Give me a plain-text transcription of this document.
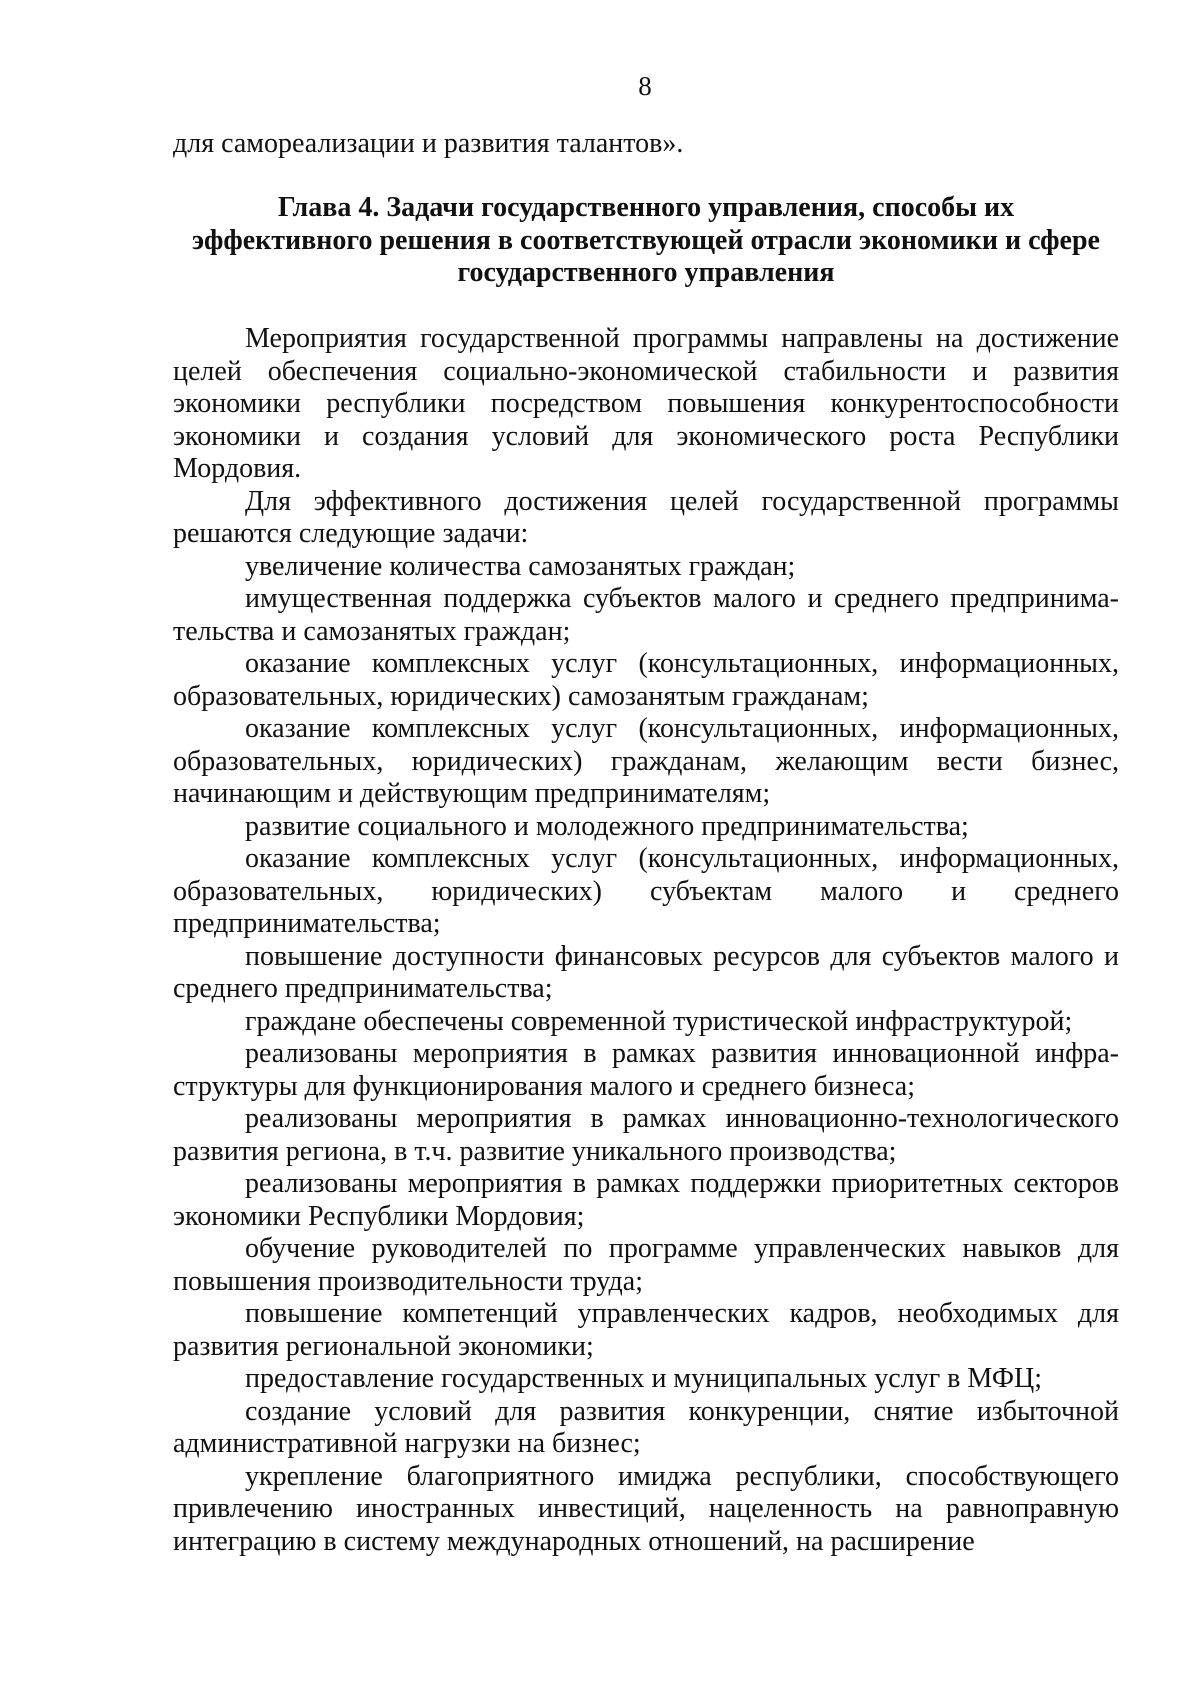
8

для самореализации и развития талантов».

Глава 4. Задачи государственного управления, способы их
эффективного решения в соответствующей отрасли экономики и сфере
государственного управления

Мероприятия государственной программы направлены на достижение целей обеспечения социально-экономической стабильности и развития экономики республики посредством повышения конкурентоспособности экономики и создания условий для экономического роста Республики Мордовия.

Для эффективного достижения целей государственной программы решаются следующие задачи:

увеличение количества самозанятых граждан;

имущественная поддержка субъектов малого и среднего предпринимательства и самозанятых граждан;

оказание комплексных услуг (консультационных, информационных, образовательных, юридических) самозанятым гражданам;

оказание комплексных услуг (консультационных, информационных, образовательных, юридических) гражданам, желающим вести бизнес, начинающим и действующим предпринимателям;

развитие социального и молодежного предпринимательства;

оказание комплексных услуг (консультационных, информационных, образовательных, юридических) субъектам малого и среднего предпринимательства;

повышение доступности финансовых ресурсов для субъектов малого и среднего предпринимательства;

граждане обеспечены современной туристической инфраструктурой;

реализованы мероприятия в рамках развития инновационной инфраструктуры для функционирования малого и среднего бизнеса;

реализованы мероприятия в рамках инновационно-технологического развития региона, в т.ч. развитие уникального производства;

реализованы мероприятия в рамках поддержки приоритетных секторов экономики Республики Мордовия;

обучение руководителей по программе управленческих навыков для повышения производительности труда;

повышение компетенций управленческих кадров, необходимых для развития региональной экономики;

предоставление государственных и муниципальных услуг в МФЦ;

создание условий для развития конкуренции, снятие избыточной административной нагрузки на бизнес;

укрепление благоприятного имиджа республики, способствующего привлечению иностранных инвестиций, нацеленность на равноправную интеграцию в систему международных отношений, на расширение
